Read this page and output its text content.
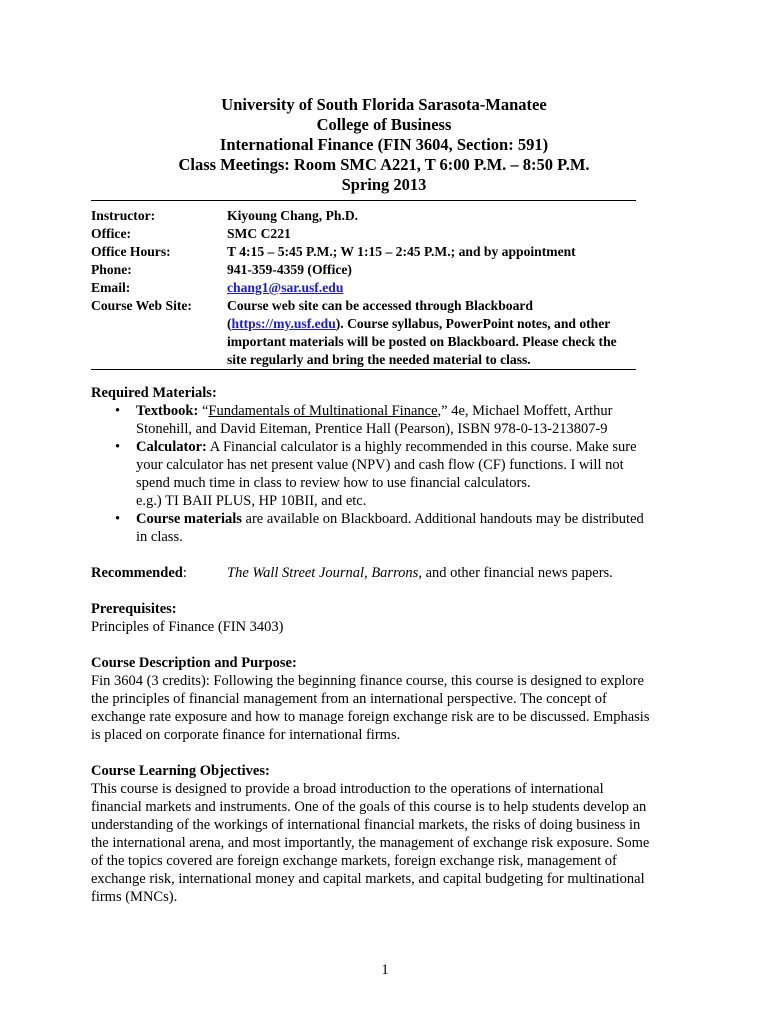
University of South Florida Sarasota-Manatee
College of Business
International Finance (FIN 3604, Section: 591)
Class Meetings: Room SMC A221, T 6:00 P.M. – 8:50 P.M.
Spring 2013
Instructor:	Kiyoung Chang, Ph.D.
Office:	SMC C221
Office Hours:	T 4:15 – 5:45 P.M.; W 1:15 – 2:45 P.M.; and by appointment
Phone:	941-359-4359 (Office)
Email:	chang1@sar.usf.edu
Course Web Site:	Course web site can be accessed through Blackboard
(https://my.usf.edu). Course syllabus, PowerPoint notes, and other
important materials will be posted on Blackboard. Please check the
site regularly and bring the needed material to class.
Required Materials:
• Textbook: “Fundamentals of Multinational Finance,” 4e, Michael Moffett, Arthur
Stonehill, and David Eiteman, Prentice Hall (Pearson), ISBN 978-0-13-213807-9
• Calculator: A Financial calculator is a highly recommended in this course. Make sure
your calculator has net present value (NPV) and cash flow (CF) functions. I will not
spend much time in class to review how to use financial calculators.
e.g.) TI BAII PLUS, HP 10BII, and etc.
• Course materials are available on Blackboard. Additional handouts may be distributed
in class.
Recommended:	The Wall Street Journal, Barrons, and other financial news papers.
Prerequisites:
Principles of Finance (FIN 3403)
Course Description and Purpose:
Fin 3604 (3 credits): Following the beginning finance course, this course is designed to explore
the principles of financial management from an international perspective. The concept of
exchange rate exposure and how to manage foreign exchange risk are to be discussed. Emphasis
is placed on corporate finance for international firms.
Course Learning Objectives:
This course is designed to provide a broad introduction to the operations of international
financial markets and instruments. One of the goals of this course is to help students develop an
understanding of the workings of international financial markets, the risks of doing business in
the international arena, and most importantly, the management of exchange risk exposure. Some
of the topics covered are foreign exchange markets, foreign exchange risk, management of
exchange risk, international money and capital markets, and capital budgeting for multinational
firms (MNCs).
1
